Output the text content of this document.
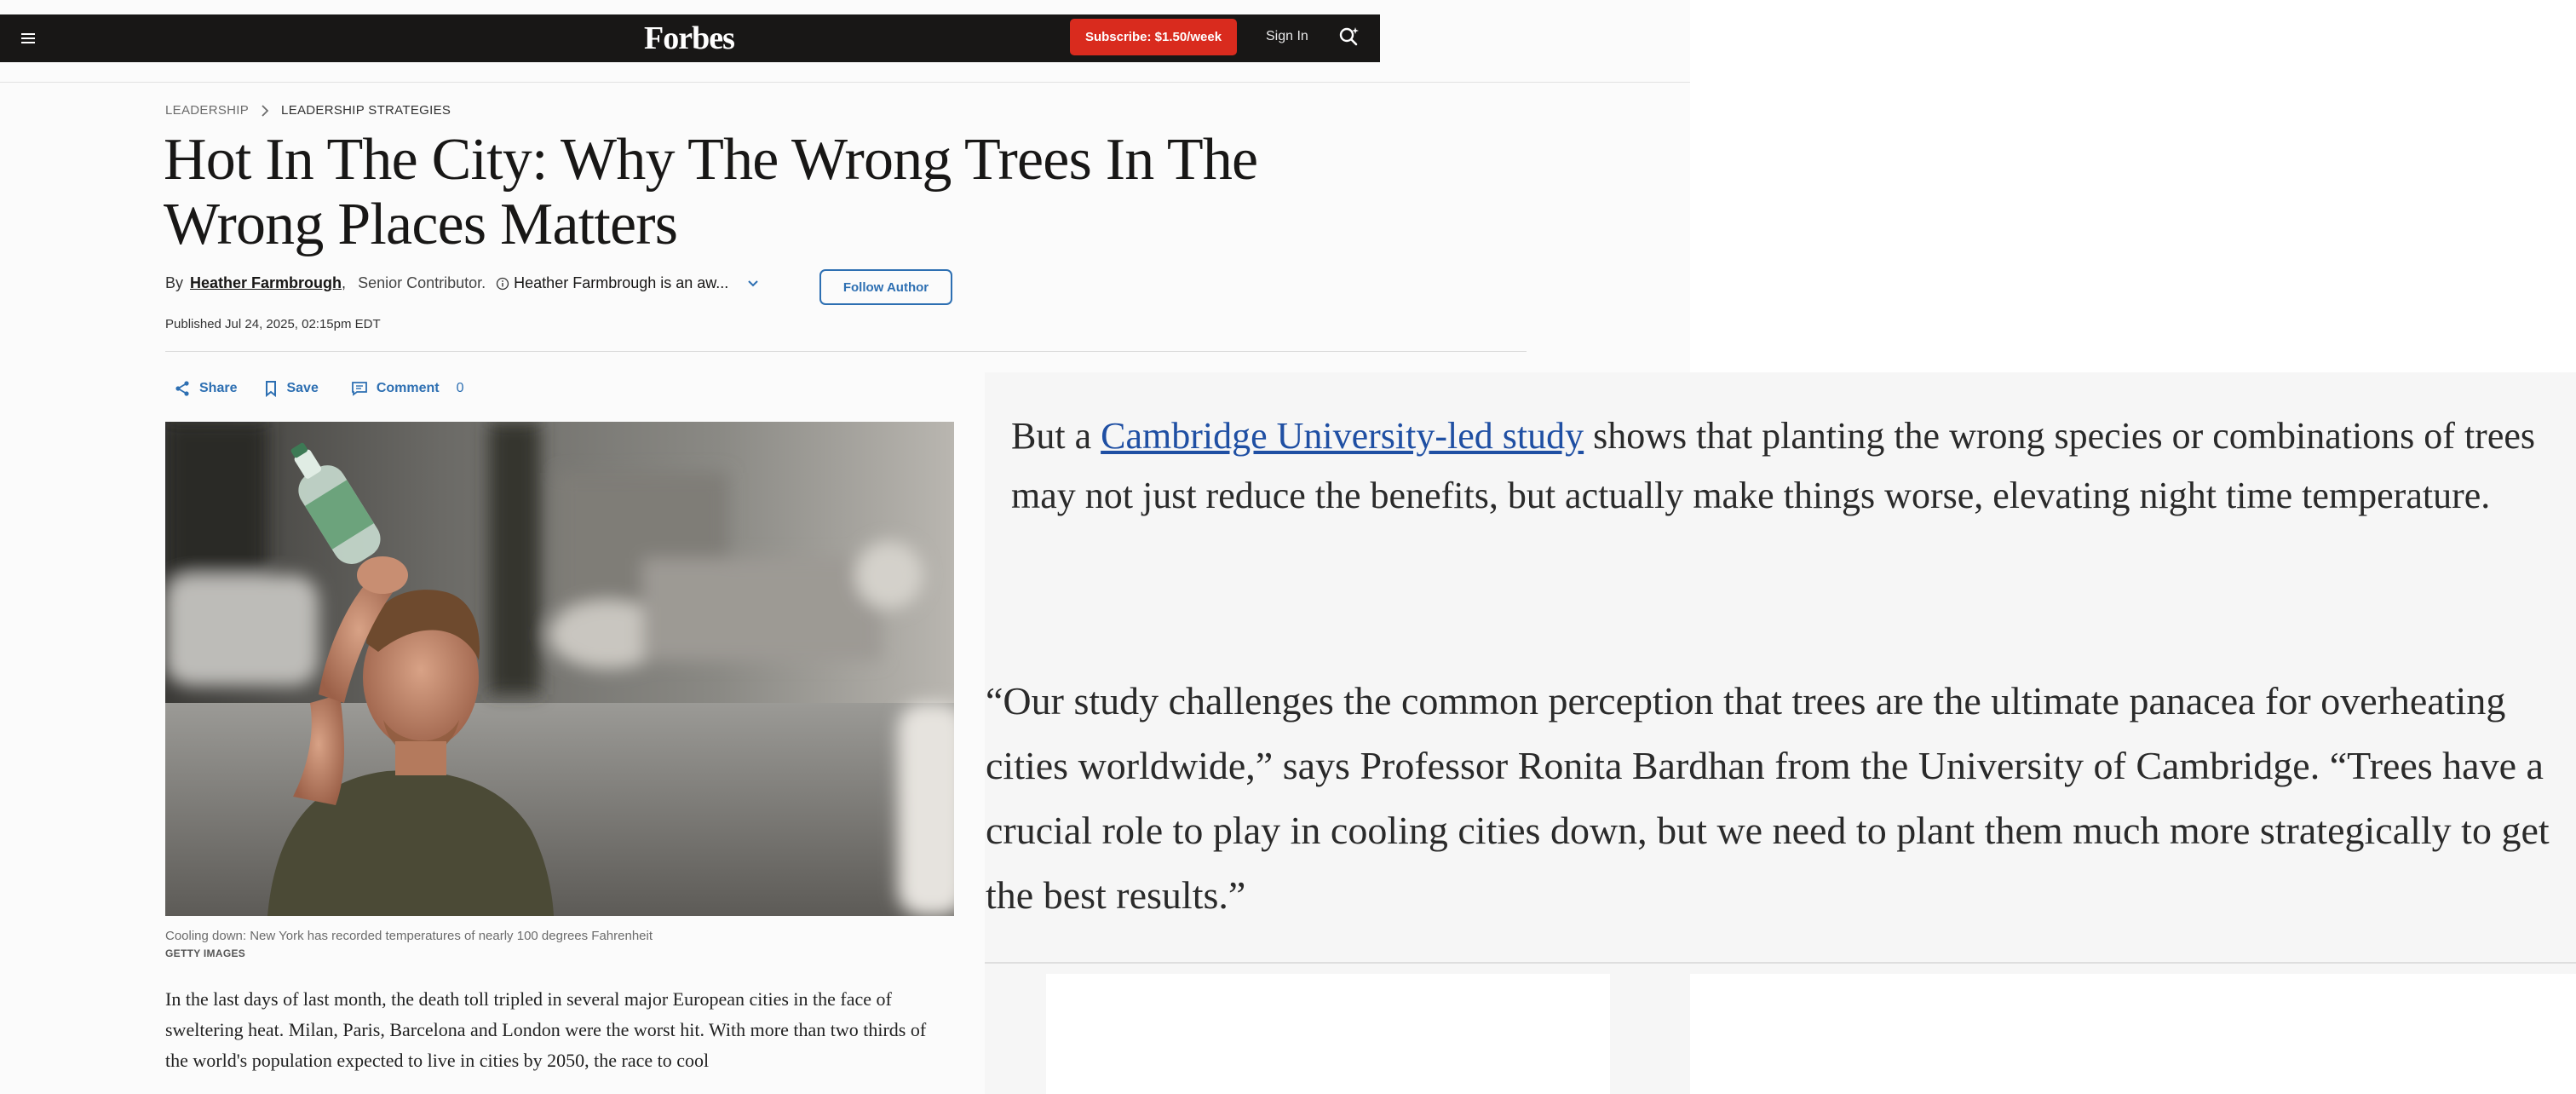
Forbes	Subscribe: $1.50/week	Sign In
LEADERSHIP	LEADERSHIP STRATEGIES
Hot In The City: Why The Wrong Trees In The Wrong Places Matters
By Heather Farmbrough , Senior Contributor. Heather Farmbrough is an aw...	Follow Author
Published Jul 24, 2025, 02:15pm EDT
Share	Save	Comment 0
Cooling down: New York has recorded temperatures of nearly 100 degrees Fahrenheit
GETTY IMAGES

In the last days of last month, the death toll tripled in several major European cities in the face of sweltering heat. Milan, Paris, Barcelona and London were the worst hit. With more than two thirds of the world's population expected to live in cities by 2050, the race to cool

But a Cambridge University-led study shows that planting the wrong species or combinations of trees may not just reduce the benefits, but actually make things worse, elevating night time temperature.

“Our study challenges the common perception that trees are the ultimate panacea for overheating cities worldwide,” says Professor Ronita Bardhan from the University of Cambridge. “Trees have a crucial role to play in cooling cities down, but we need to plant them much more strategically to get the best results.”
